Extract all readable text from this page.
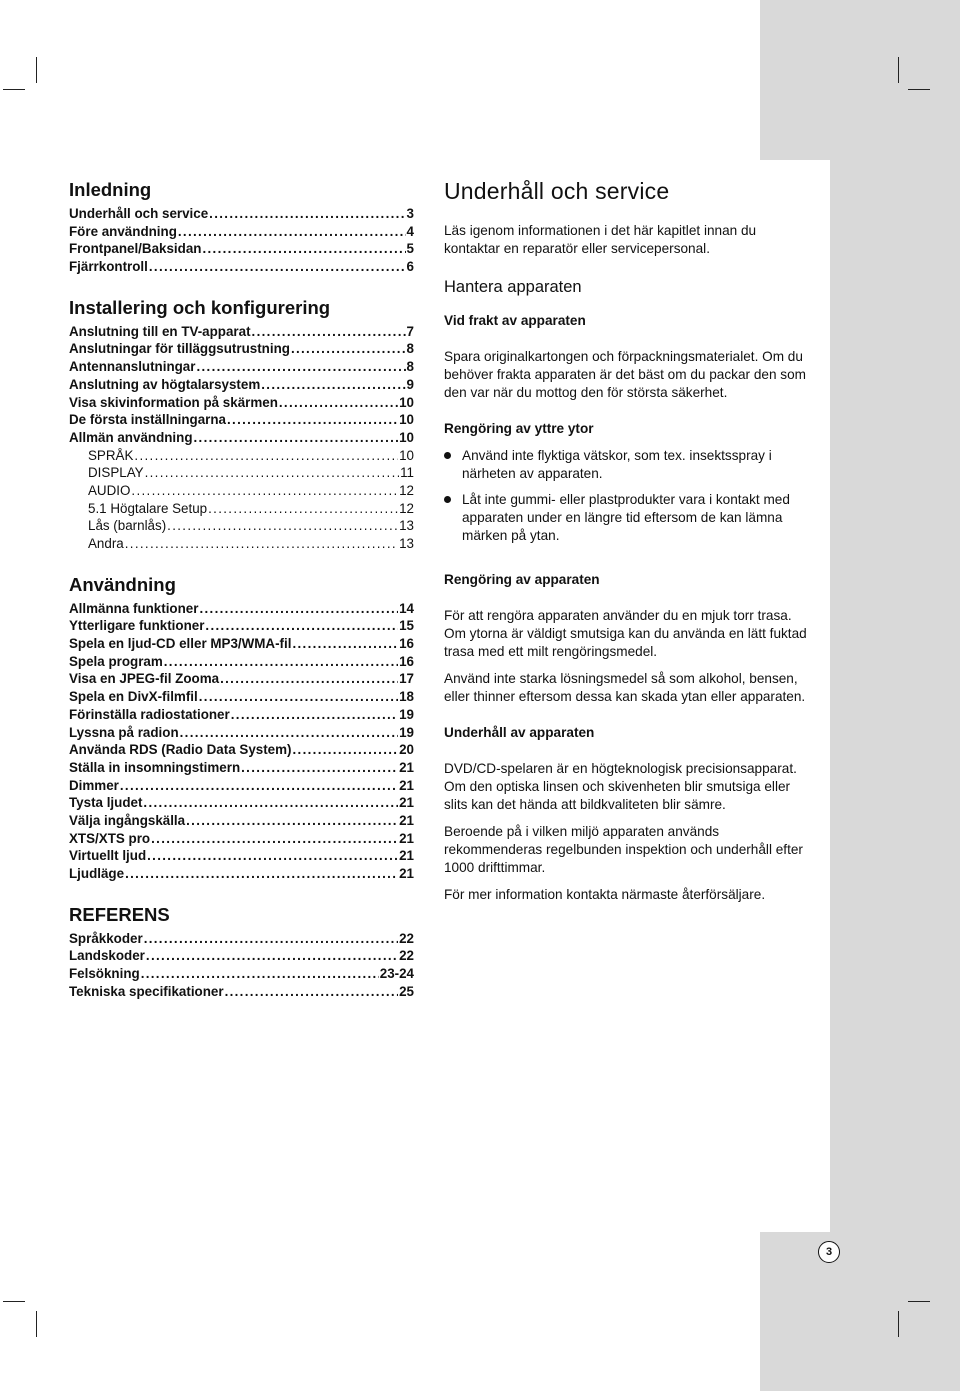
Inledning
Underhåll och service . . .	3
Före användning . . .	4
Frontpanel/Baksidan . . .	5
Fjärrkontroll . . .	6
Installering och konfigurering
Anslutning till en TV-apparat . . .	7
Anslutningar för tilläggsutrustning . . .	8
Antennanslutningar . . .	8
Anslutning av högtalarsystem . . .	9
Visa skivinformation på skärmen . . .	10
De första inställningarna . . .	10
Allmän användning . . .	10
SPRÅK . . .	10
DISPLAY . . .	11
AUDIO . . .	12
5.1 Högtalare Setup . . .	12
Lås (barnlås) . . .	13
Andra . . .	13
Användning
Allmänna funktioner . . .	14
Ytterligare funktioner . . .	15
Spela en ljud-CD eller MP3/WMA-fil . . .	16
Spela program . . .	16
Visa en JPEG-fil Zooma . . .	17
Spela en DivX-filmfil . . .	18
Förinställa radiostationer . . .	19
Lyssna på radion . . .	19
Använda RDS (Radio Data System) . . .	20
Ställa in insomningstimern . . .	21
Dimmer . . .	21
Tysta ljudet . . .	21
Välja ingångskälla . . .	21
XTS/XTS pro . . .	21
Virtuellt ljud . . .	21
Ljudläge . . .	21
REFERENS
Språkkoder . . .	22
Landskoder . . .	22
Felsökning . . .	23-24
Tekniska specifikationer . . .	25
Underhåll och service

Läs igenom informationen i det här kapitlet innan du kontaktar en reparatör eller servicepersonal.

Hantera apparaten
Vid frakt av apparaten

Spara originalkartongen och förpackningsmaterialet. Om du behöver frakta apparaten är det bäst om du packar den som den var när du mottog den för största säkerhet.

Rengöring av yttre ytor
Använd inte flyktiga vätskor, som tex. insektsspray i närheten av apparaten.
Låt inte gummi- eller plastprodukter vara i kontakt med apparaten under en längre tid eftersom de kan lämna märken på ytan.
Rengöring av apparaten

För att rengöra apparaten använder du en mjuk torr trasa. Om ytorna är väldigt smutsiga kan du använda en lätt fuktad trasa med ett milt rengöringsmedel.

Använd inte starka lösningsmedel så som alkohol, bensen, eller thinner eftersom dessa kan skada ytan eller apparaten.

Underhåll av apparaten

DVD/CD-spelaren är en högteknologisk precisionsapparat. Om den optiska linsen och skivenheten blir smutsiga eller slits kan det hända att bildkvaliteten blir sämre.

Beroende på i vilken miljö apparaten används rekommenderas regelbunden inspektion och underhåll efter 1000 drifttimmar.

För mer information kontakta närmaste återförsäljare.

3
